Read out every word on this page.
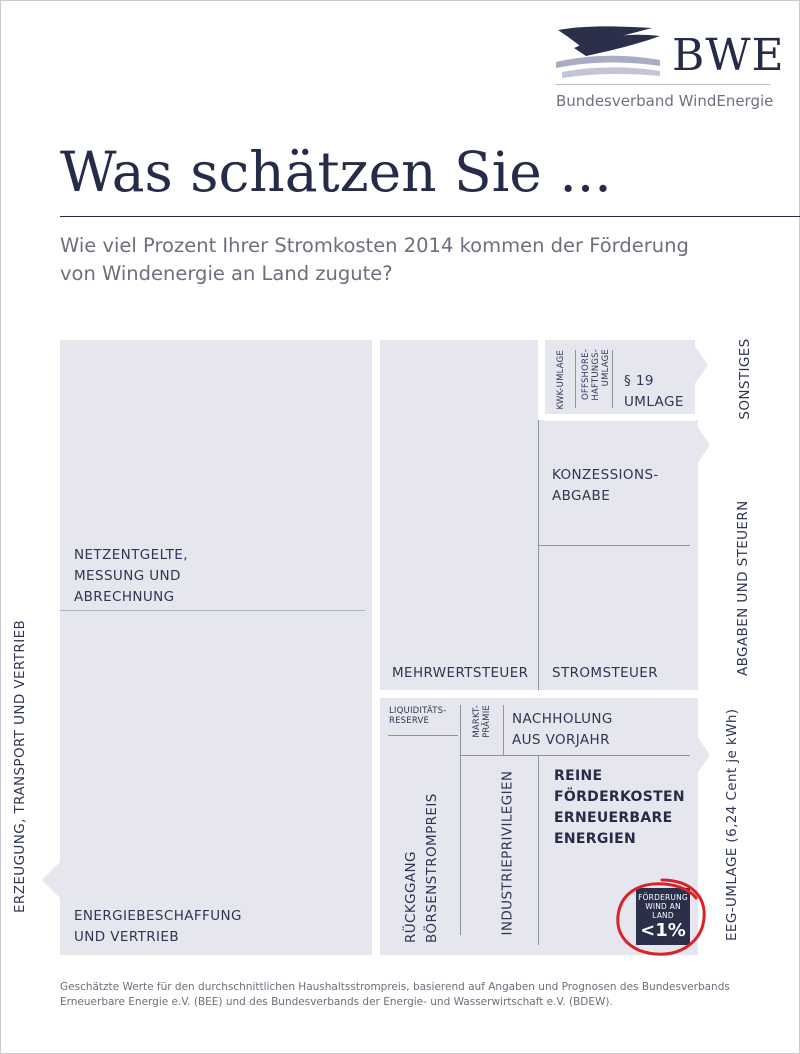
BWE
Bundesverband WindEnergie
Was schätzen Sie ...
Wie viel Prozent Ihrer Stromkosten 2014 kommen der Förderung
von Windenergie an Land zugute?
NETZENTGELTE,
MESSUNG UND
ABRECHNUNG
ENERGIEBESCHAFFUNG
UND VERTRIEB
ERZEUGUNG, TRANSPORT UND VERTRIEB
KONZESSIONS-
ABGABE
MEHRWERTSTEUER STROMSTEUER
KWK-UMLAGE OFFSHORE- HAFTUNGS- UMLAGE § 19
UMLAGE	SONSTIGES
ABGABEN UND STEUERN
EEG-UMLAGE (6,24 Cent je kWh)
LIQUIDITÄTS-
RESERVE	MARKT- PRÄMIE NACHHOLUNG
AUS VORJAHR
RÜCKGGANG BÖRSENSTROMPREIS	INDUSTRIEPRIVILEGIEN	REINE
FÖRDERKOSTEN
ERNEUERBARE
ENERGIEN
FÖRDERUNG
WIND AN
LAND
<1%
Geschätzte Werte für den durchschnittlichen Haushaltsstrompreis, basierend auf Angaben und Prognosen des Bundesverbands
Erneuerbare Energie e.V. (BEE) und des Bundesverbands der Energie- und Wasserwirtschaft e.V. (BDEW).
